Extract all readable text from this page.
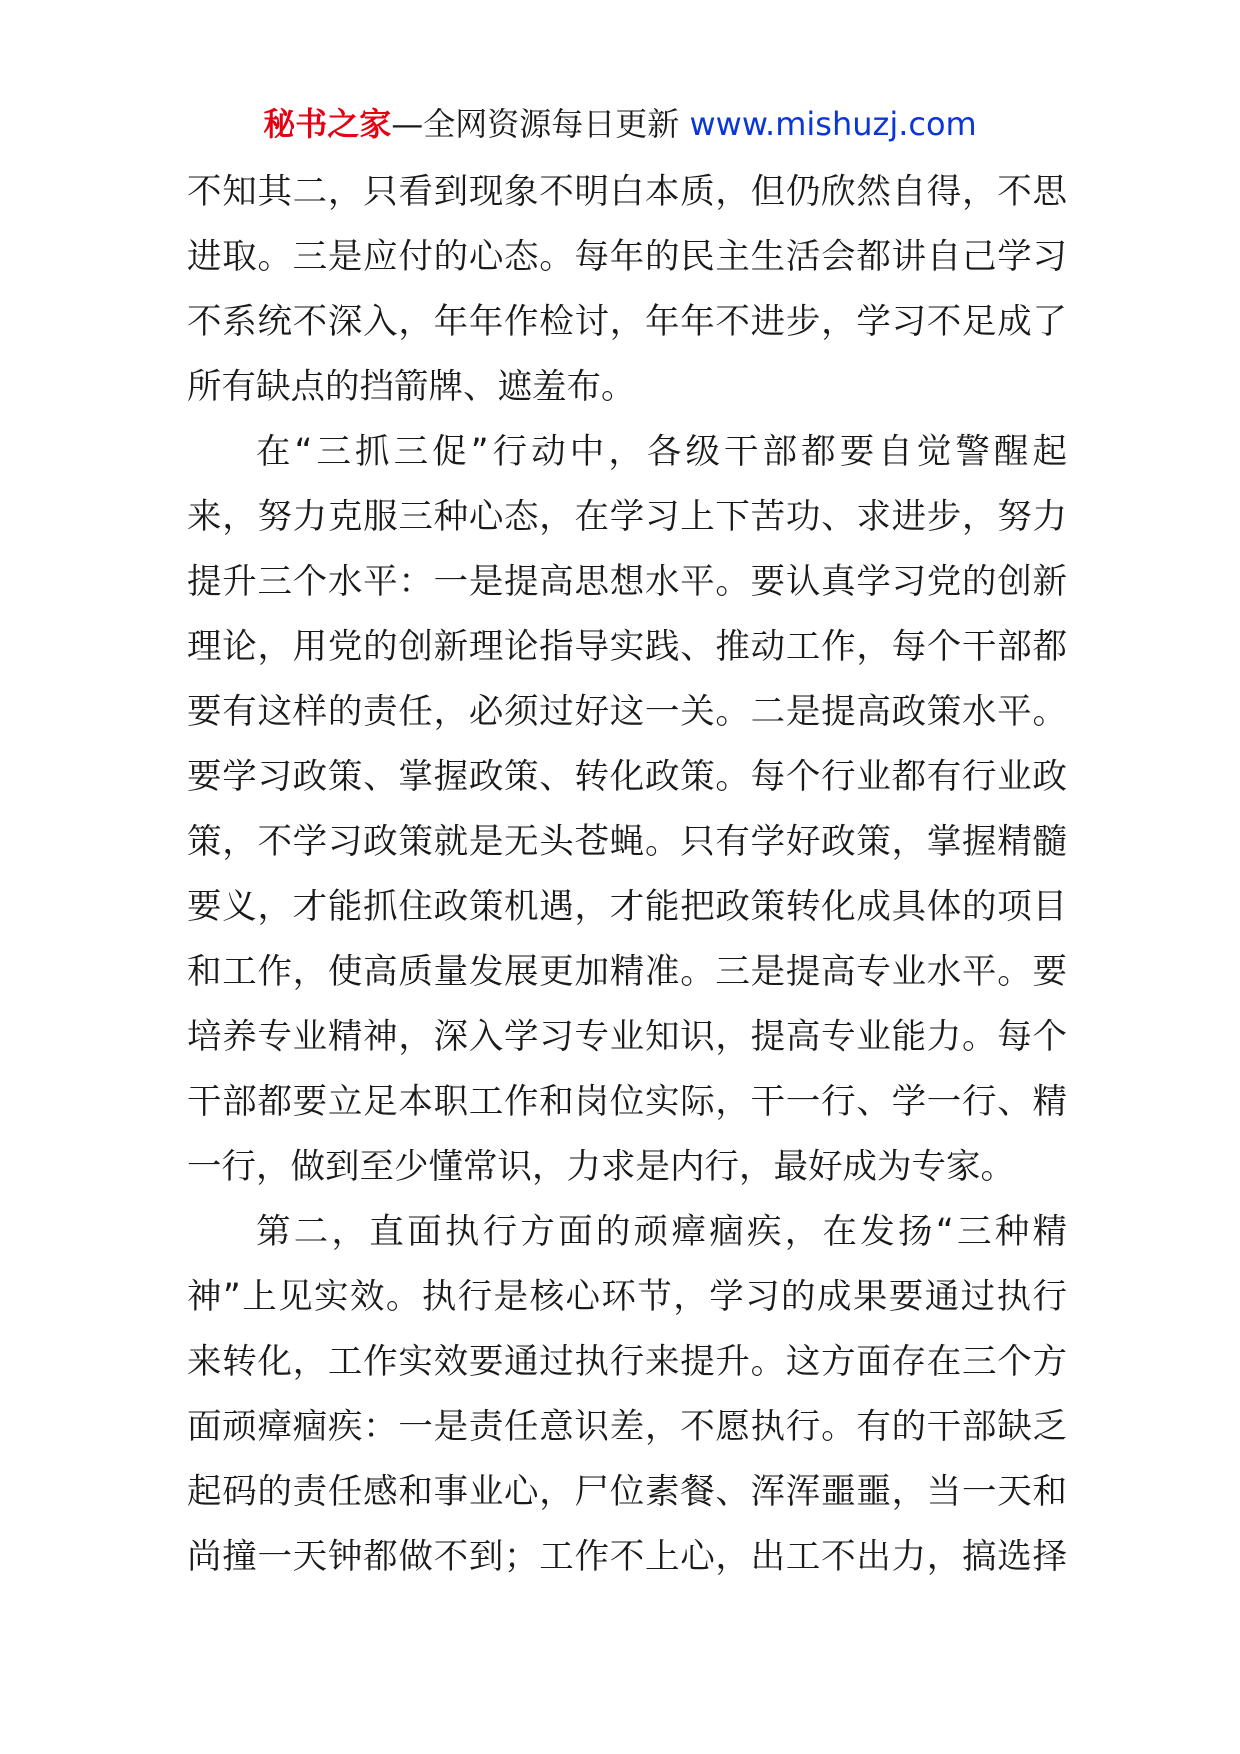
秘书之家—全网资源每日更新 www.mishuzj.com
不知其二，只看到现象不明白本质，但仍欣然自得，不思
进取。三是应付的心态。每年的民主生活会都讲自己学习
不系统不深入，年年作检讨，年年不进步，学习不足成了
所有缺点的挡箭牌、遮羞布。
在“三抓三促”行动中，各级干部都要自觉警醒起
来，努力克服三种心态，在学习上下苦功、求进步，努力
提升三个水平：一是提高思想水平。要认真学习党的创新
理论，用党的创新理论指导实践、推动工作，每个干部都
要有这样的责任，必须过好这一关。二是提高政策水平。
要学习政策、掌握政策、转化政策。每个行业都有行业政
策，不学习政策就是无头苍蝇。只有学好政策，掌握精髓
要义，才能抓住政策机遇，才能把政策转化成具体的项目
和工作，使高质量发展更加精准。三是提高专业水平。要
培养专业精神，深入学习专业知识，提高专业能力。每个
干部都要立足本职工作和岗位实际，干一行、学一行、精
一行，做到至少懂常识，力求是内行，最好成为专家。
第二，直面执行方面的顽瘴痼疾，在发扬“三种精
神”上见实效。执行是核心环节，学习的成果要通过执行
来转化，工作实效要通过执行来提升。这方面存在三个方
面顽瘴痼疾：一是责任意识差，不愿执行。有的干部缺乏
起码的责任感和事业心，尸位素餐、浑浑噩噩，当一天和
尚撞一天钟都做不到；工作不上心，出工不出力，搞选择
